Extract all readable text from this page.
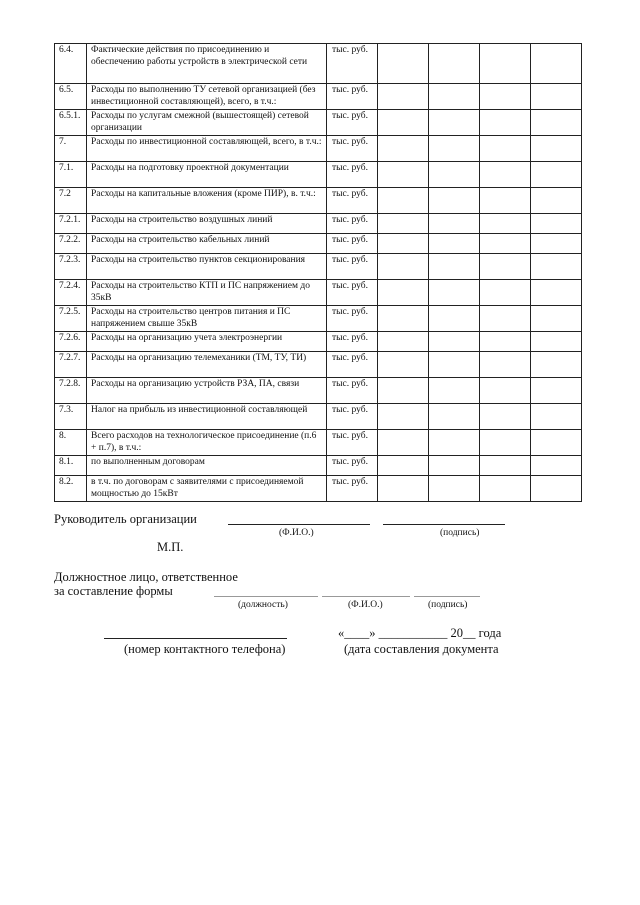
6.4.	Фактические действия по присоединению и обеспечению работы устройств в электрической сети	тыс. руб.				
6.5.	Расходы по выполнению ТУ сетевой организацией (без инвестиционной составляющей), всего, в т.ч.:	тыс. руб.				
6.5.1.	Расходы по услугам смежной (вышестоящей) сетевой организации	тыс. руб.				
7.	Расходы по инвестиционной составляющей, всего, в т.ч.:	тыс. руб.				
7.1.	Расходы на подготовку проектной документации	тыс. руб.				
7.2	Расходы на капитальные вложения (кроме ПИР), в. т.ч.:	тыс. руб.				
7.2.1.	Расходы на строительство воздушных линий	тыс. руб.				
7.2.2.	Расходы на строительство кабельных линий	тыс. руб.				
7.2.3.	Расходы на строительство пунктов секционирования	тыс. руб.				
7.2.4.	Расходы на строительство КТП и ПС напряжением до 35кВ	тыс. руб.				
7.2.5.	Расходы на строительство центров питания и ПС напряжением свыше 35кВ	тыс. руб.				
7.2.6.	Расходы на организацию учета электроэнергии	тыс. руб.				
7.2.7.	Расходы на организацию телемеханики (ТМ, ТУ, ТИ)	тыс. руб.				
7.2.8.	Расходы на организацию устройств РЗА, ПА, связи	тыс. руб.				
7.3.	Налог на прибыль из инвестиционной составляющей	тыс. руб.				
8.	Всего расходов на технологическое присоединение (п.6 + п.7), в т.ч.:	тыс. руб.				
8.1.	по выполненным договорам	тыс. руб.				
8.2.	в т.ч. по договорам с заявителями с присоединяемой мощностью до 15кВт	тыс. руб.				
Руководитель организации
(Ф.И.О.)	(подпись)
М.П.
Должностное лицо, ответственное
за составление формы
(должность)	(Ф.И.О.)	(подпись)
«____» ___________ 20__ года
(номер контактного телефона)	(дата составления документа
